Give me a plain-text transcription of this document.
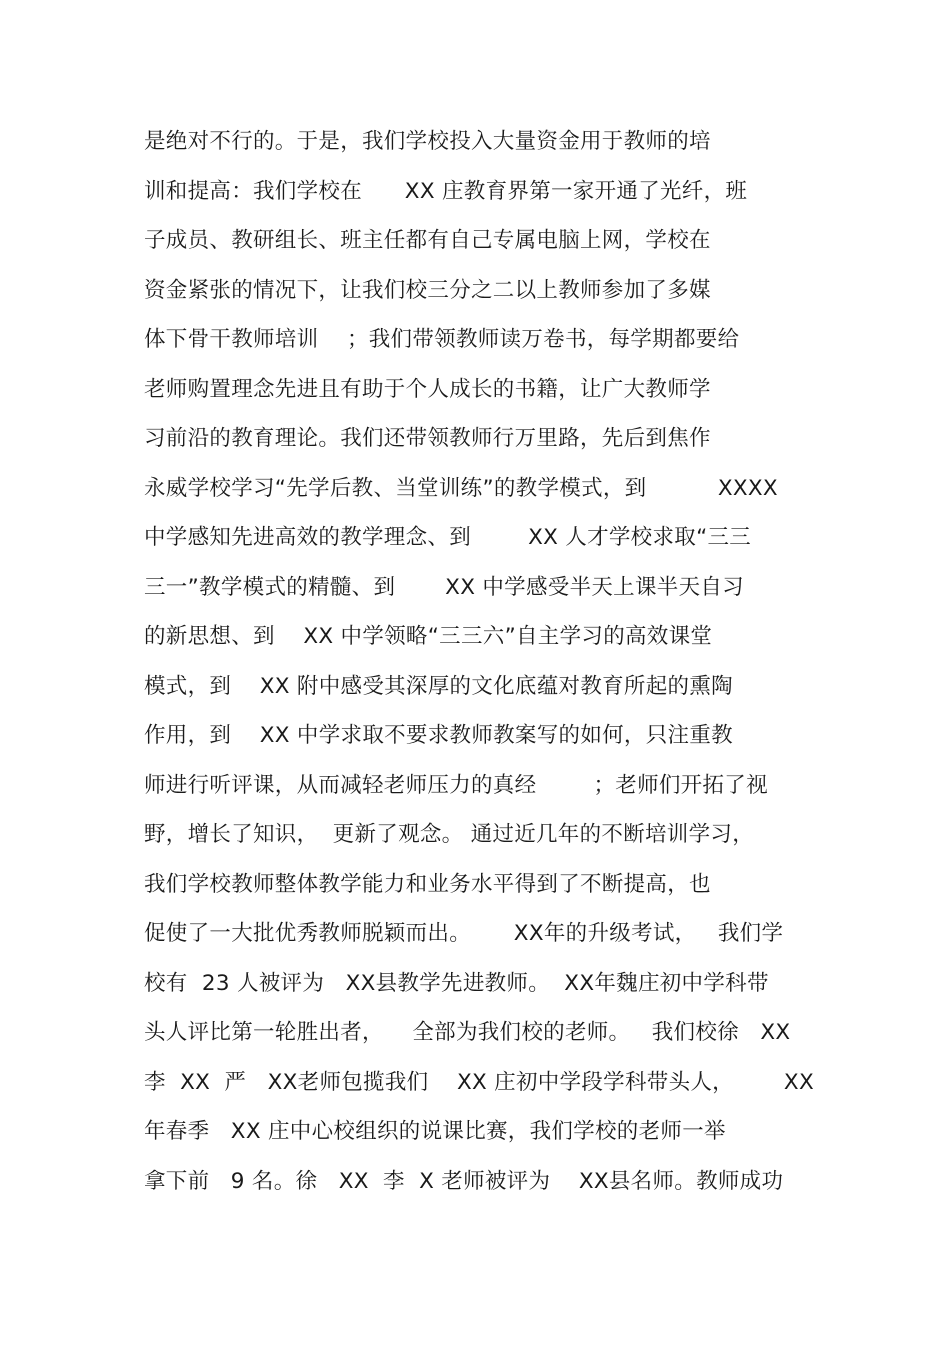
是绝对不行的。于是，我们学校投入大量资金用于教师的培
训和提高：我们学校在      XX 庄教育界第一家开通了光纤，班
子成员、教研组长、班主任都有自己专属电脑上网，学校在
资金紧张的情况下，让我们校三分之二以上教师参加了多媒
体下骨干教师培训    ；我们带领教师读万卷书，每学期都要给
老师购置理念先进且有助于个人成长的书籍，让广大教师学
习前沿的教育理论。我们还带领教师行万里路，先后到焦作
永威学校学习“先学后教、当堂训练”的教学模式，到          XXXX
中学感知先进高效的教学理念、到        XX 人才学校求取“三三
三一”教学模式的精髓、到       XX 中学感受半天上课半天自习
的新思想、到    XX 中学领略“三三六”自主学习的高效课堂
模式，到    XX 附中感受其深厚的文化底蕴对教育所起的熏陶
作用，到    XX 中学求取不要求教师教案写的如何，只注重教
师进行听评课，从而减轻老师压力的真经        ；老师们开拓了视
野，增长了知识，  更新了观念。 通过近几年的不断培训学习，
我们学校教师整体教学能力和业务水平得到了不断提高，也
促使了一大批优秀教师脱颖而出。      XX年的升级考试，   我们学
校有  23 人被评为   XX县教学先进教师。  XX年魏庄初中学科带
头人评比第一轮胜出者，    全部为我们校的老师。   我们校徐   XX
李  XX  严   XX老师包揽我们    XX 庄初中学段学科带头人，       XX
年春季   XX 庄中心校组织的说课比赛，我们学校的老师一举
拿下前   9 名。徐   XX  李  X 老师被评为    XX县名师。教师成功
